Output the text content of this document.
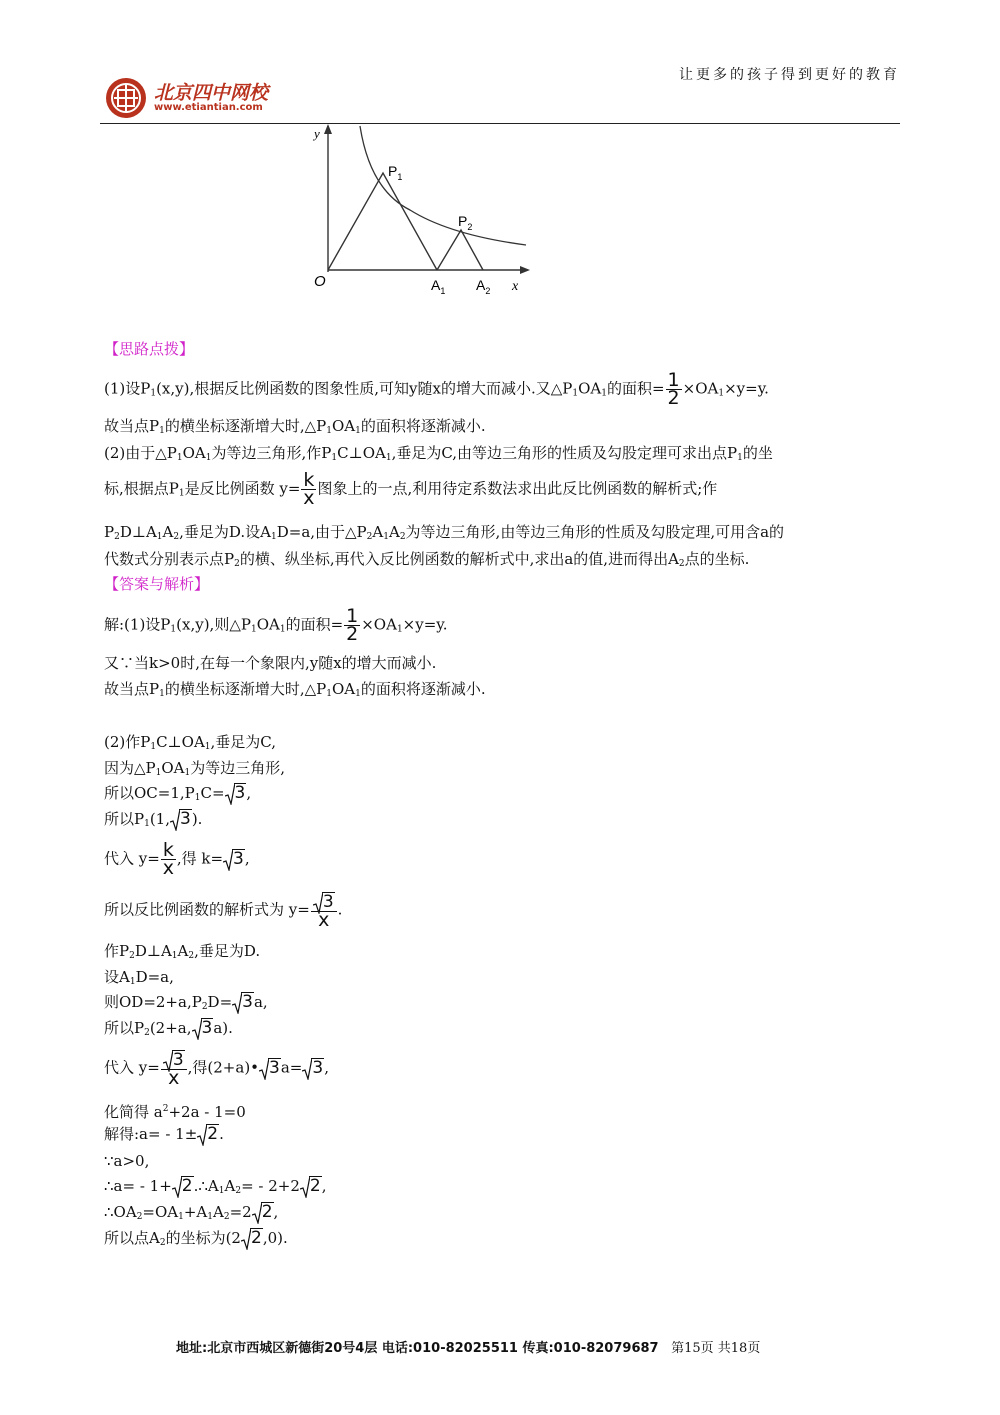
北京四中网校
www.etiantian.com
让更多的孩子得到更好的教育
y
O	x
$P_1$
$P_2$
$A_1$ $A_2$
【思路点拨】
(1)设$P_1(x,y)$,根据反比例函数的图象性质,可知y随x的增大而减小.又$\triangle P_1OA_1$的面积= $\frac{1}{2} \times OA_1\times y=y$.
故当点$P_1$的横坐标逐渐增大时$,\triangle P_1OA_1$的面积将逐渐减小.
(2)由于$\triangle P_1OA_1$为等边三角形,作$P_1C\perp OA_1$,垂足为C,由等边三角形的性质及勾股定理可求出点$P_1$的坐
标,根据点$P_1$是反比例函数 $y= \frac{k}{x}$ 图象上的一点,利用待定系数法求出此反比例函数的解析式;作
$P_2D\perp A_1A_2$,垂足为D.设$A_1D=a$,由于$\triangle P_2A_1A_2$为等边三角形,由等边三角形的性质及勾股定理,可用含a的
代数式分别表示点$P_2$的横、纵坐标,再代入反比例函数的解析式中,求出a的值,进而得出$A_2$点的坐标.
【答案与解析】
解:(1)设$P_1(x,y)$,则$\triangle P_1OA_1$的面积= $\frac{1}{2} \times OA_1\times y=y$.
又∵当k>0时,在每一个象限内,y随x的增大而减小.
故当点$P_1$的横坐标逐渐增大时$,\triangle P_1OA_1$的面积将逐渐减小.
(2)作$P_1C\perp OA_1$,垂足为C,
因为$\triangle P_1OA_1$为等边三角形,
所以$OC=1,P_1C= 3$,
所以$P_1(1$, 3).
代入 $y= \frac{k}{x}$ ,得 k= 3,
所以反比例函数的解析式为 $y= \frac{3}{x}$ .
作$P_2D\perp A_1A_2$,垂足为D.
设$A_1D=a$,
则$OD=2+a,P_2D= 3a$,
所以$P_2(2+a$, 3a).
代入 $y= \frac{3}{x}$ ,得(2+a)• 3a= 3,
化简得 $a^2+2a - 1=0$
解得:a= - 1± 2.
∵a>0,
∴a= - $1+ 2.\therefore A_1A_2= - 2+2$ 2,
$\therefore OA_2=OA_1+A_1A_2=2$ 2,
所以点$A_2$的坐标为(2 2,0).
地址:北京市西城区新德街20号4层 电话:010-82025511 传真:010-82079687 第15页 共18页
